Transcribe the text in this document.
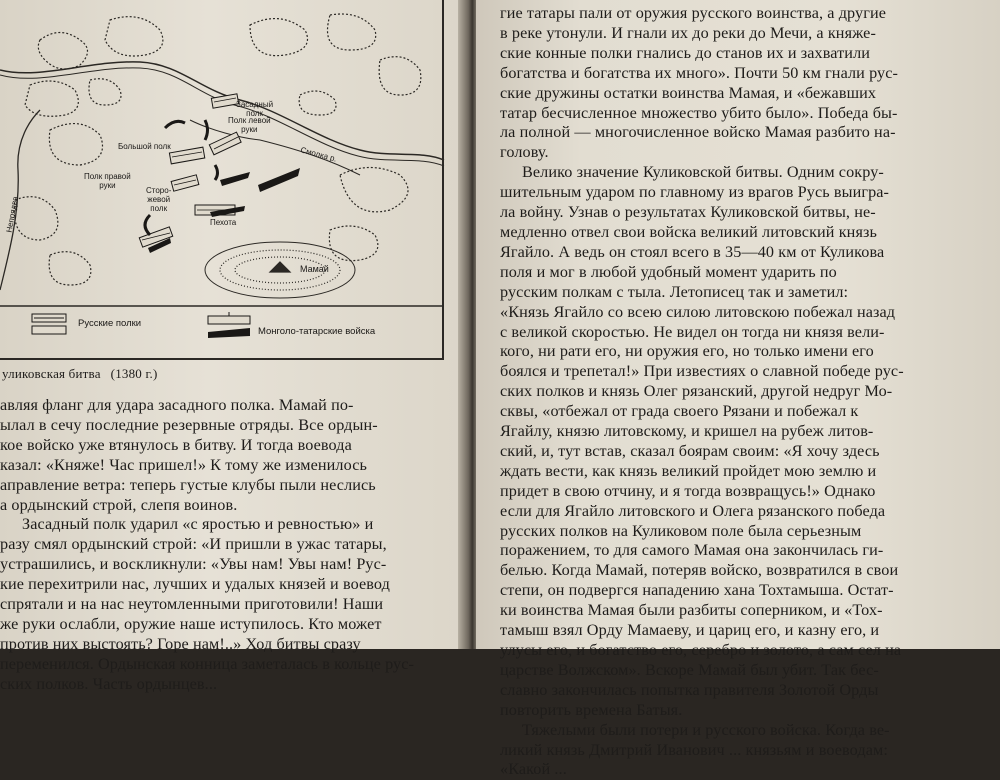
Засадный
полк
Полк левой
руки
Большой полк
Полк правой
руки
Сторо-
жевой
полк
Пехота
Смолка р.
Непрядва
Мамай
Русские полки
Монголо-татарские войска
уликовская битва (1380 г.)
авляя фланг для удара засадного полка. Мамай по-
ылал в сечу последние резервные отряды. Все ордын-
кое войско уже втянулось в битву. И тогда воевода
казал: «Княже! Час пришел!» К тому же изменилось
аправление ветра: теперь густые клубы пыли неслись
а ордынский строй, слепя воинов.
Засадный полк ударил «с яростью и ревностью» и
разу смял ордынский строй: «И пришли в ужас татары,
устрашились, и воскликнули: «Увы нам! Увы нам! Рус-
кие перехитрили нас, лучших и удалых князей и воевод
спрятали и на нас неутомленными приготовили! Наши
же руки ослабли, оружие наше иступилось. Кто может
против них выстоять? Горе нам!..» Ход битвы сразу
переменился. Ордынская конница заметалась в кольце рус-
ских полков. Часть ордынцев...
гие татары пали от оружия русского воинства, а другие
в реке утонули. И гнали их до реки до Мечи, а княже-
ские конные полки гнались до станов их и захватили
богатства и богатства их много». Почти 50 км гнали рус-
ские дружины остатки воинства Мамая, и «бежавших
татар бесчисленное множество убито было». Победа бы-
ла полной — многочисленное войско Мамая разбито на-
голову.
Велико значение Куликовской битвы. Одним сокру-
шительным ударом по главному из врагов Русь выигра-
ла войну. Узнав о результатах Куликовской битвы, не-
медленно отвел свои войска великий литовский князь
Ягайло. А ведь он стоял всего в 35—40 км от Куликова
поля и мог в любой удобный момент ударить по
русским полкам с тыла. Летописец так и заметил:
«Князь Ягайло со всею силою литовскою побежал назад
с великой скоростью. Не видел он тогда ни князя вели-
кого, ни рати его, ни оружия его, но только имени его
боялся и трепетал!» При известиях о славной победе рус-
ских полков и князь Олег рязанский, другой недруг Мо-
сквы, «отбежал от града своего Рязани и побежал к
Ягайлу, князю литовскому, и кришел на рубеж литов-
ский, и, тут встав, сказал боярам своим: «Я хочу здесь
ждать вести, как князь великий пройдет мою землю и
придет в свою отчину, и я тогда возвращусь!» Однако
если для Ягайло литовского и Олега рязанского победа
русских полков на Куликовом поле была серьезным
поражением, то для самого Мамая она закончилась ги-
белью. Когда Мамай, потеряв войско, возвратился в свои
степи, он подвергся нападению хана Тохтамыша. Остат-
ки воинства Мамая были разбиты соперником, и «Тох-
тамыш взял Орду Мамаеву, и цариц его, и казну его, и
улусы его, и богатство его, серебро и золото, а сам сел на
царстве Волжском». Вскоре Мамай был убит. Так бес-
славно закончилась попытка правителя Золотой Орды
повторить времена Батыя.
Тяжелыми были потери и русского войска. Когда ве-
ликий князь Дмитрий Иванович ... князьям и воеводам:
«Какой ...
